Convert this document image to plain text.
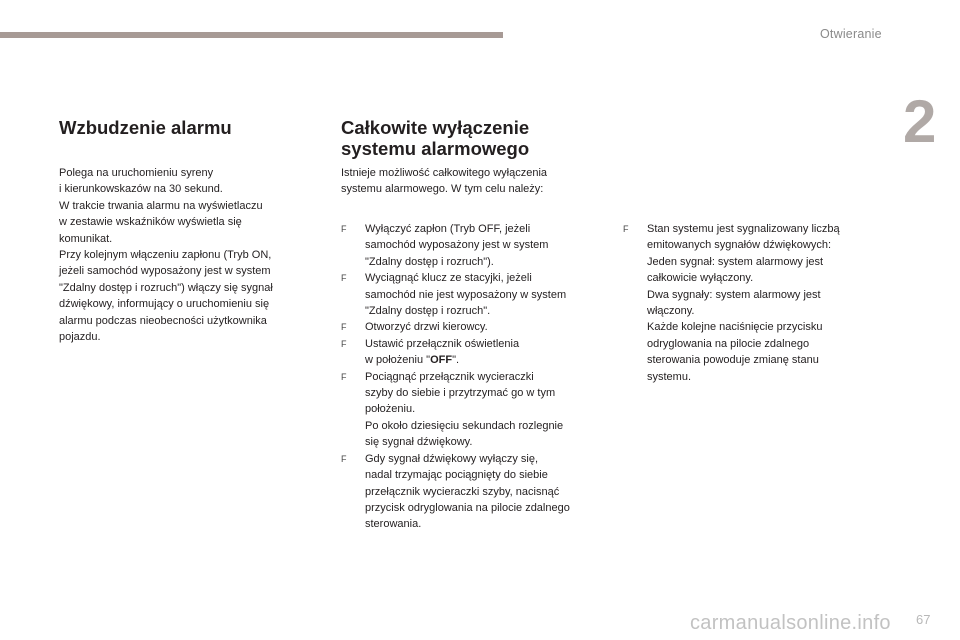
Otwieranie
2
Wzbudzenie alarmu

Polega na uruchomieniu syreny

i kierunkowskazów na 30 sekund.

W trakcie trwania alarmu na wyświetlaczu

w zestawie wskaźników wyświetla się

komunikat.

Przy kolejnym włączeniu zapłonu (Tryb ON,

jeżeli samochód wyposażony jest w system

"Zdalny dostęp i rozruch") włączy się sygnał

dźwiękowy, informujący o uruchomieniu się

alarmu podczas nieobecności użytkownika

pojazdu.

Całkowite wyłączenie
systemu alarmowego

Istnieje możliwość całkowitego wyłączenia

systemu alarmowego. W tym celu należy:

F	Wyłączyć zapłon (Tryb OFF, jeżeli
samochód wyposażony jest w system
"Zdalny dostęp i rozruch").
F	Wyciągnąć klucz ze stacyjki, jeżeli
samochód nie jest wyposażony w system
"Zdalny dostęp i rozruch".
F	Otworzyć drzwi kierowcy.
F	Ustawić przełącznik oświetlenia
w położeniu "OFF".
F	Pociągnąć przełącznik wycieraczki
szyby do siebie i przytrzymać go w tym
położeniu.
Po około dziesięciu sekundach rozlegnie
się sygnał dźwiękowy.
F	Gdy sygnał dźwiękowy wyłączy się,
nadal trzymając pociągnięty do siebie
przełącznik wycieraczki szyby, nacisnąć
przycisk odryglowania na pilocie zdalnego
sterowania.
F	Stan systemu jest sygnalizowany liczbą
emitowanych sygnałów dźwiękowych:
Jeden sygnał: system alarmowy jest
całkowicie wyłączony.
Dwa sygnały: system alarmowy jest
włączony.
Każde kolejne naciśnięcie przycisku
odryglowania na pilocie zdalnego
sterowania powoduje zmianę stanu
systemu.
carmanualsonline.info 67
